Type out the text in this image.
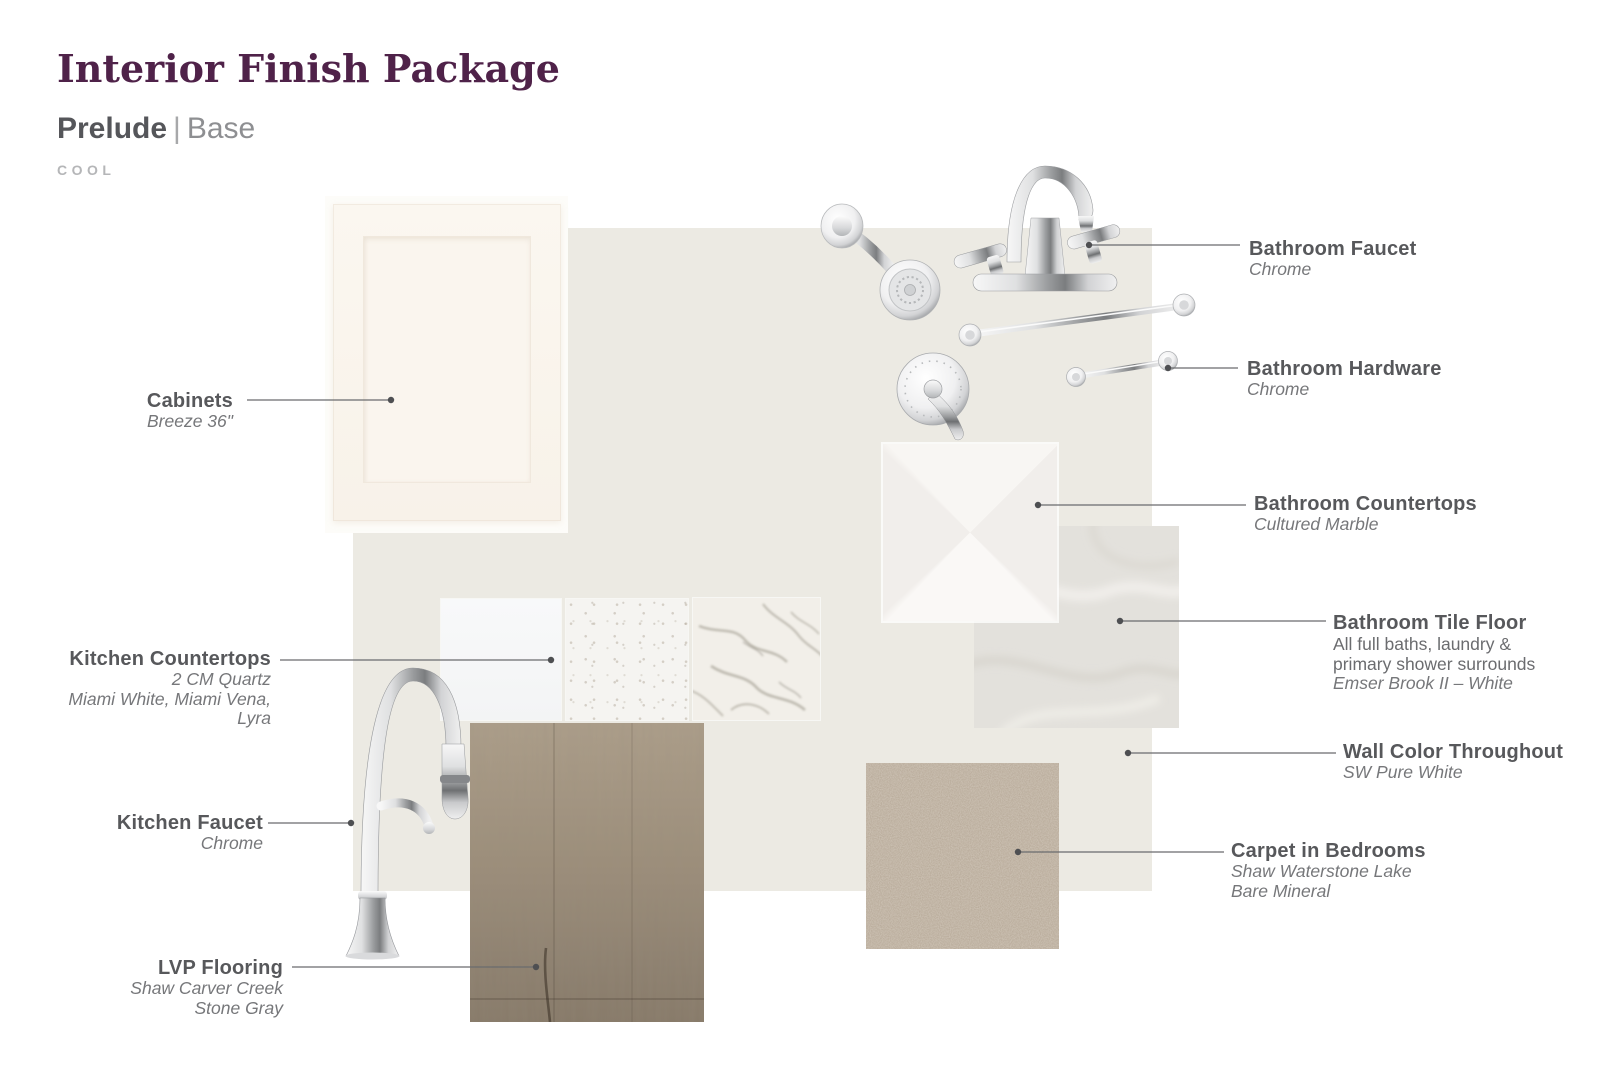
Interior Finish Package
Prelude | Base
COOL
Cabinets
Breeze 36"
Kitchen Countertops
2 CM Quartz
Miami White, Miami Vena,
Lyra
Kitchen Faucet
Chrome
LVP Flooring
Shaw Carver Creek
Stone Gray
Bathroom Faucet
Chrome
Bathroom Hardware
Chrome
Bathroom Countertops
Cultured Marble
Bathroom Tile Floor
All full baths, laundry &
primary shower surrounds
Emser Brook II – White
Wall Color Throughout
SW Pure White
Carpet in Bedrooms
Shaw Waterstone Lake
Bare Mineral
